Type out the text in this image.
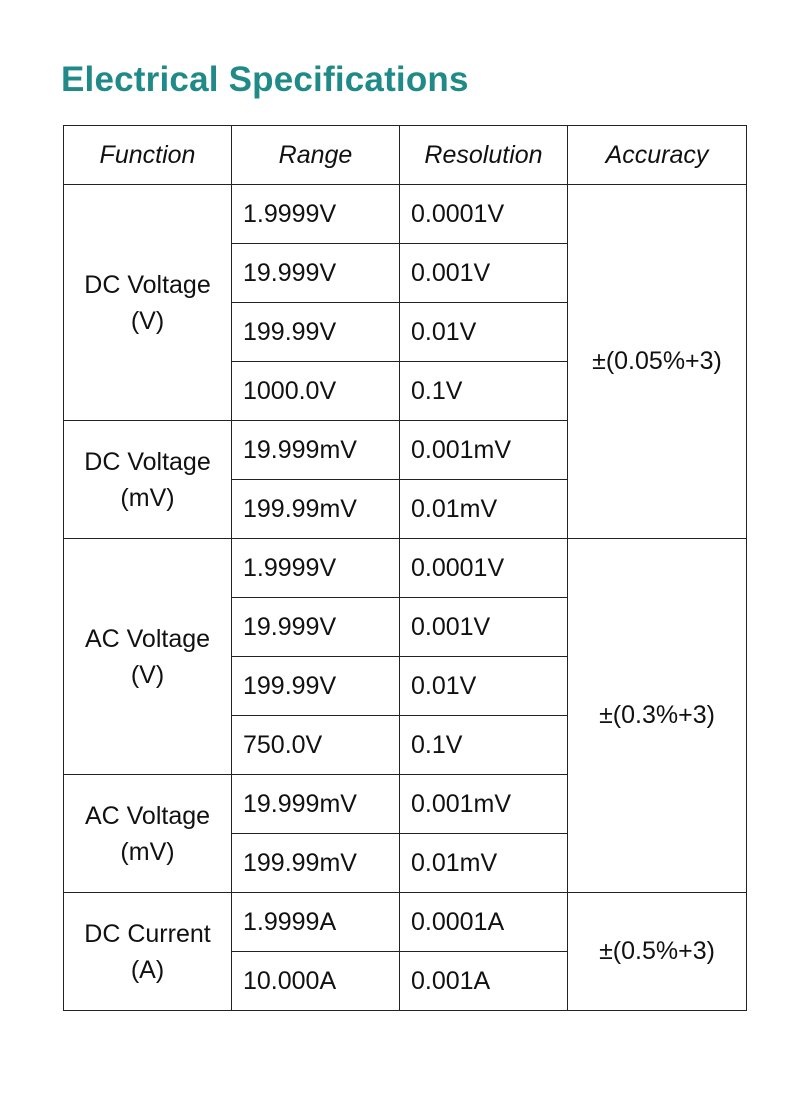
Electrical Specifications
Function	Range	Resolution	Accuracy

DC Voltage
(V)	1.9999V	0.0001V	±(0.05%+3)
	19.999V	0.001V	
	199.99V	0.01V	
	1000.0V	0.1V	

DC Voltage
(mV)	19.999mV	0.001mV	
	199.99mV	0.01mV	

AC Voltage
(V)	1.9999V	0.0001V	±(0.3%+3)
	19.999V	0.001V	
	199.99V	0.01V	
	750.0V	0.1V	

AC Voltage
(mV)	19.999mV	0.001mV	
	199.99mV	0.01mV	

DC Current
(A)	1.9999A	0.0001A	±(0.5%+3)
	10.000A	0.001A	
